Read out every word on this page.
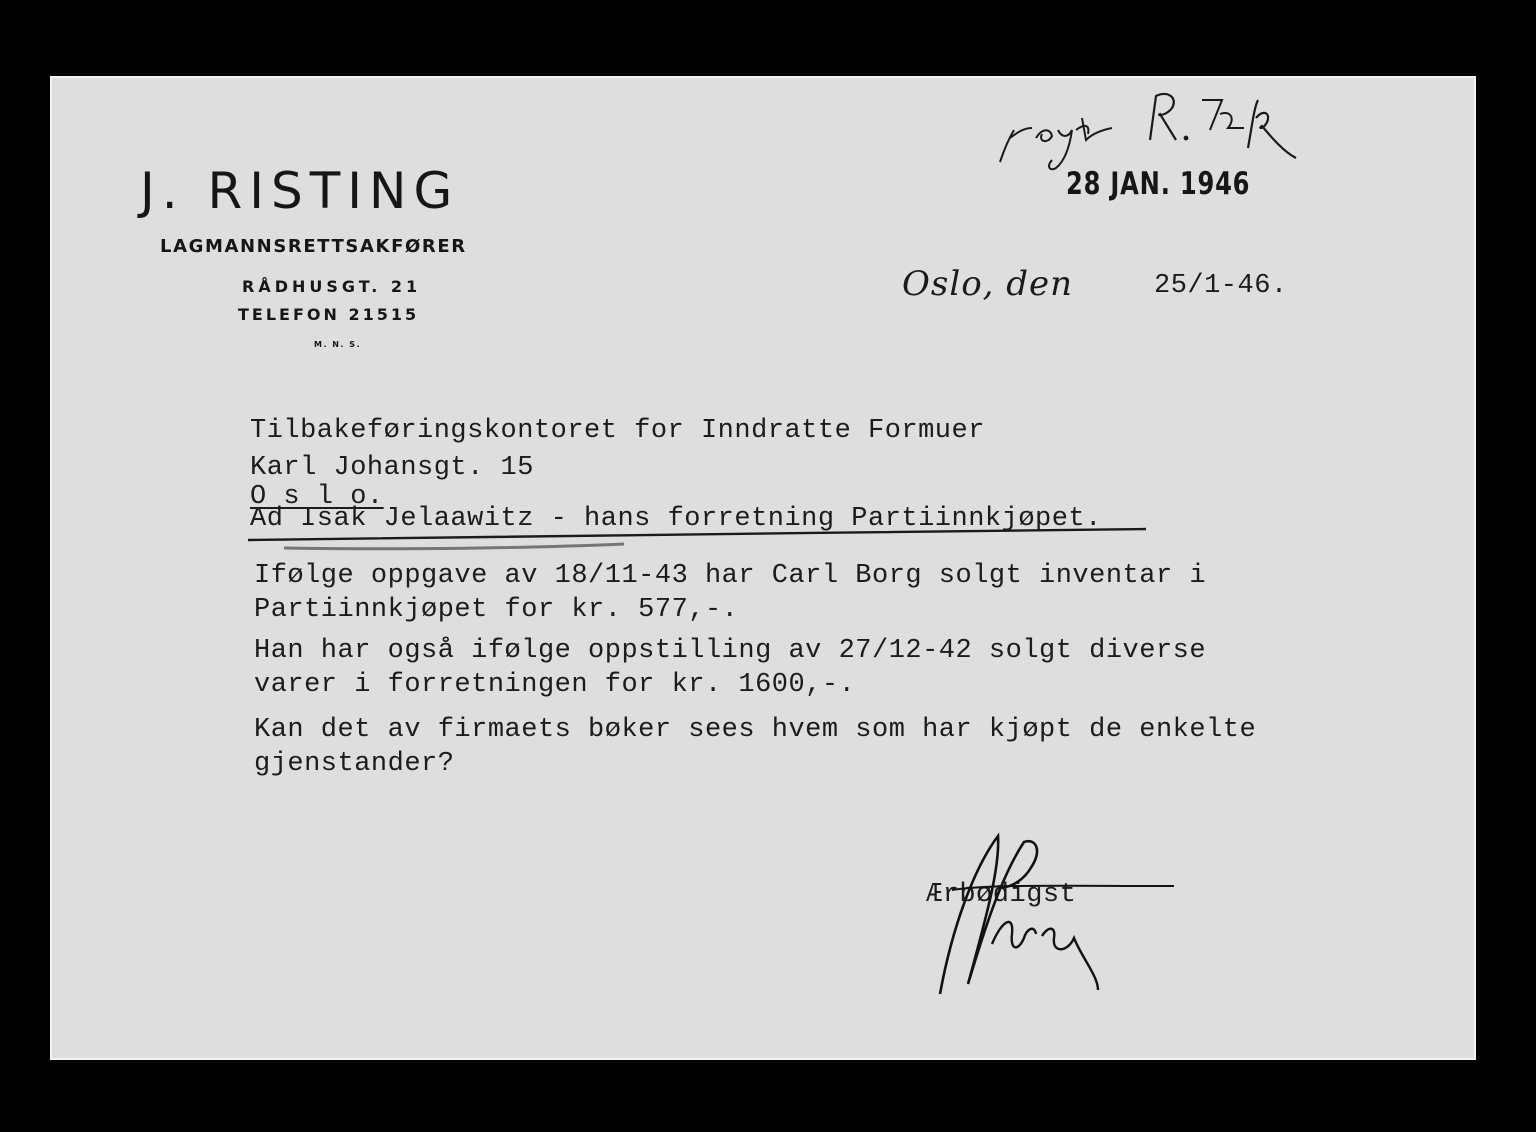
J. RISTING
LAGMANNSRETTSAKFØRER
RÅDHUSGT. 21
TELEFON 21515
M. N. S.
28 JAN. 1946
Oslo, den	25/1-46.
Tilbakeføringskontoret for Inndratte Formuer
Karl Johansgt. 15
O s l o.
Ad Isak Jelaawitz - hans forretning Partiinnkjøpet.
Ifølge oppgave av 18/11-43 har Carl Borg solgt inventar i
Partiinnkjøpet for kr. 577,-.
Han har også ifølge oppstilling av 27/12-42 solgt diverse
varer i forretningen for kr. 1600,-.
Kan det av firmaets bøker sees hvem som har kjøpt de enkelte
gjenstander?
Ærbødigst
